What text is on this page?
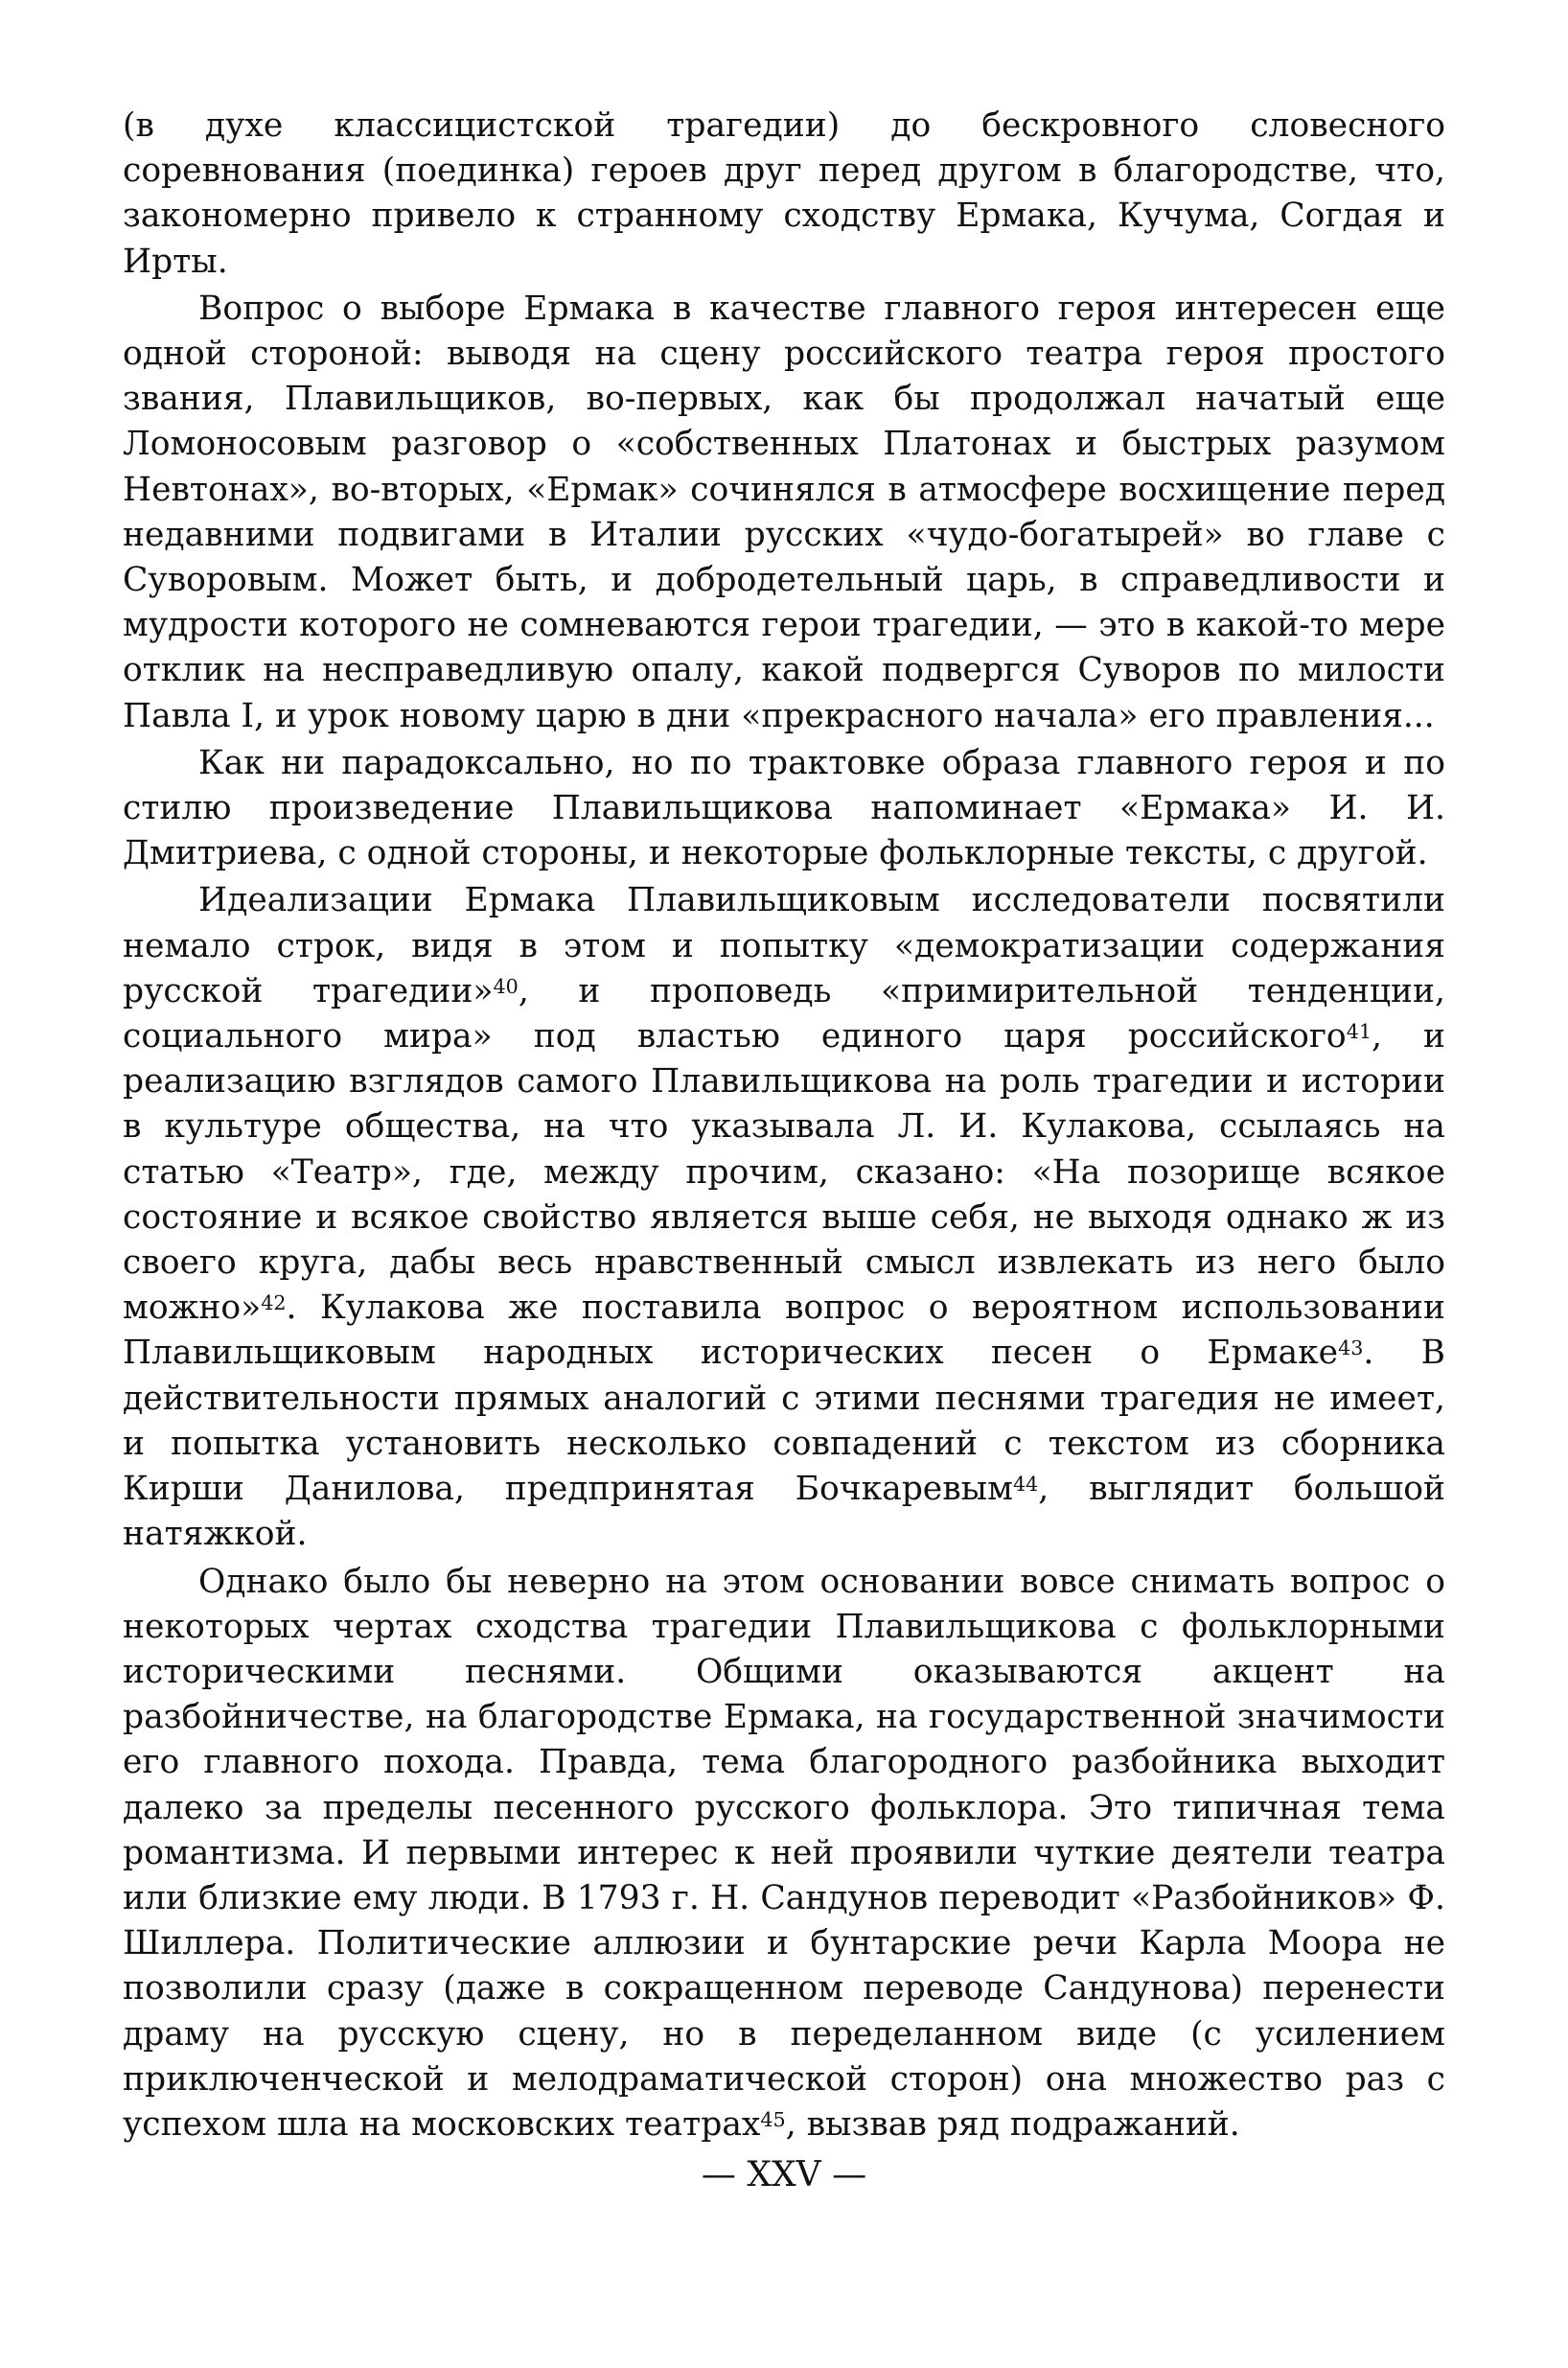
(в духе классицистской трагедии) до бескровного словесного соревнования (поединка) героев друг перед другом в благородстве, что, закономерно привело к странному сходству Ермака, Кучума, Согдая и Ирты.

Вопрос о выборе Ермака в качестве главного героя интересен еще одной стороной: выводя на сцену российского театра героя простого звания, Плавильщиков, во-первых, как бы продолжал начатый еще Ломоносовым разговор о «собственных Платонах и быстрых разумом Невтонах», во-вторых, «Ермак» сочинялся в атмосфере восхищение перед недавними подвигами в Италии русских «чудо-богатырей» во главе с Суворовым. Может быть, и добродетельный царь, в справедливости и мудрости которого не сомневаются герои трагедии, — это в какой-то мере отклик на несправедливую опалу, какой подвергся Суворов по милости Павла I, и урок новому царю в дни «прекрасного начала» его правления...

Как ни парадоксально, но по трактовке образа главного героя и по стилю произведение Плавильщикова напоминает «Ермака» И. И. Дмитриева, с одной стороны, и некоторые фольклорные тексты, с другой.

Идеализации Ермака Плавильщиковым исследователи посвятили немало строк, видя в этом и попытку «демократизации содержания русской трагедии»$^{40}$, и проповедь «примирительной тенденции, социального мира» под властью единого царя российского$^{41}$, и реализацию взглядов самого Плавильщикова на роль трагедии и истории в культуре общества, на что указывала Л. И. Кулакова, ссылаясь на статью «Театр», где, между прочим, сказано: «На позорище всякое состояние и всякое свойство является выше себя, не выходя однако ж из своего круга, дабы весь нравственный смысл извлекать из него было можно»$^{42}$. Кулакова же поставила вопрос о вероятном использовании Плавильщиковым народных исторических песен о Ермаке$^{43}$. В действительности прямых аналогий с этими песнями трагедия не имеет, и попытка установить несколько совпадений с текстом из сборника Кирши Данилова, предпринятая Бочкаревым$^{44}$, выглядит большой натяжкой.

Однако было бы неверно на этом основании вовсе снимать вопрос о некоторых чертах сходства трагедии Плавильщикова с фольклорными историческими песнями. Общими оказываются акцент на разбойничестве, на благородстве Ермака, на государственной значимости его главного похода. Правда, тема благородного разбойника выходит далеко за пределы песенного русского фольклора. Это типичная тема романтизма. И первыми интерес к ней проявили чуткие деятели театра или близкие ему люди. В 1793 г. Н. Сандунов переводит «Разбойников» Ф. Шиллера. Политические аллюзии и бунтарские речи Карла Моора не позволили сразу (даже в сокращенном переводе Сандунова) перенести драму на русскую сцену, но в переделанном виде (с усилением приключенческой и мелодраматической сторон) она множество раз с успехом шла на московских театрах$^{45}$, вызвав ряд подражаний.

— XXV —
